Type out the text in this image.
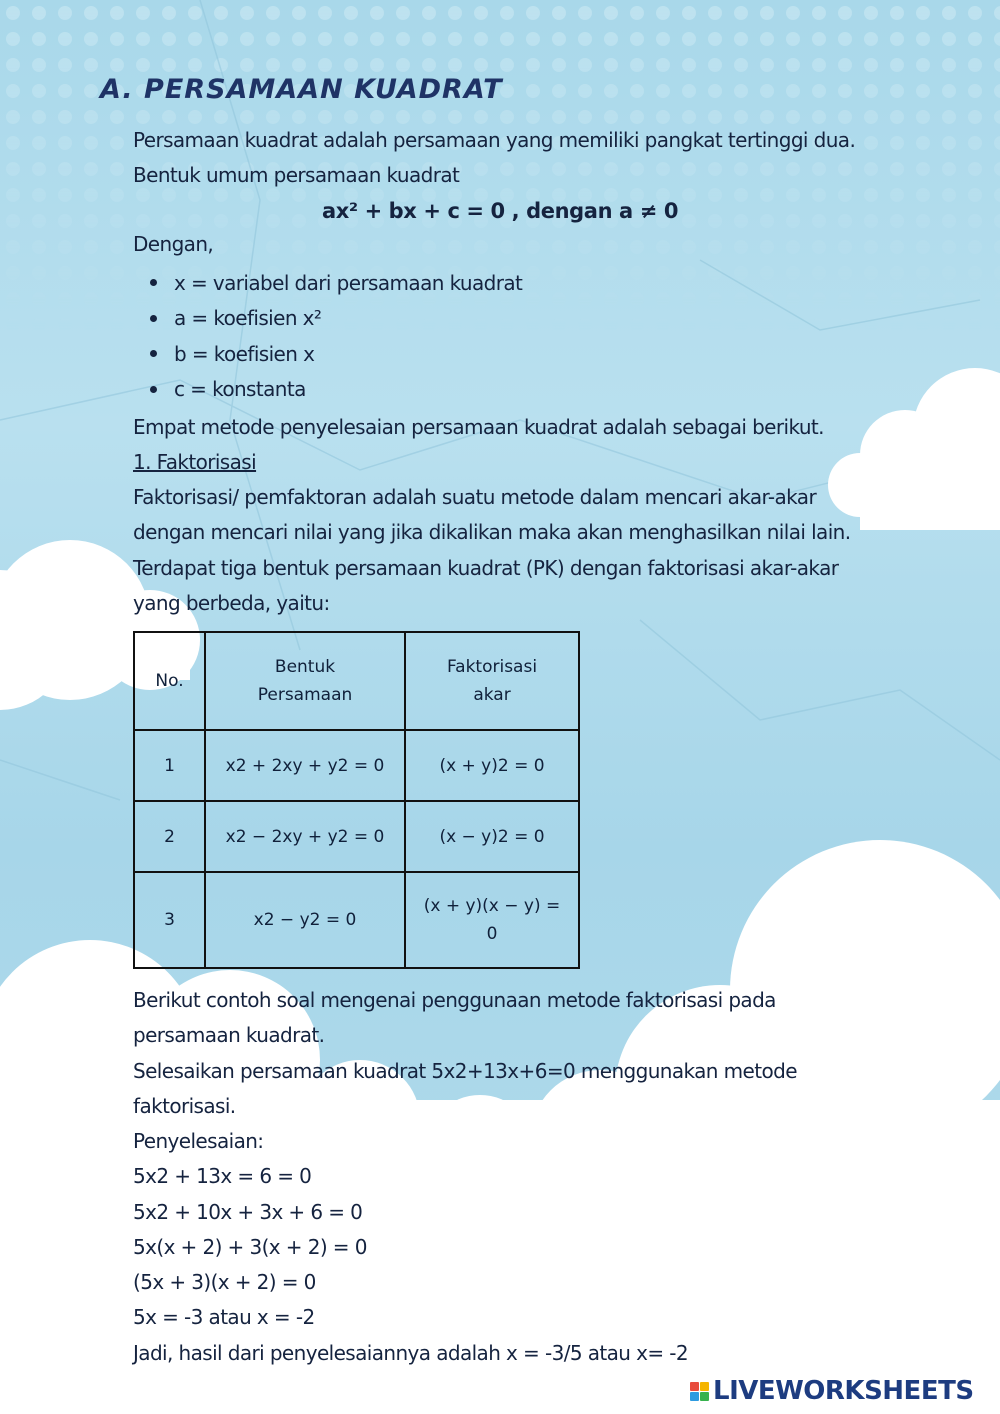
A. PERSAMAAN KUADRAT
Persamaan kuadrat adalah persamaan yang memiliki pangkat tertinggi dua.
Bentuk umum persamaan kuadrat
ax² + bx + c = 0 , dengan a ≠ 0
Dengan,
x = variabel dari persamaan kuadrat
a = koefisien x²
b = koefisien x
c = konstanta
Empat metode penyelesaian persamaan kuadrat adalah sebagai berikut.
1. Faktorisasi
Faktorisasi/ pemfaktoran adalah suatu metode dalam mencari akar-akar
dengan mencari nilai yang jika dikalikan maka akan menghasilkan nilai lain.
Terdapat tiga bentuk persamaan kuadrat (PK) dengan faktorisasi akar-akar
yang berbeda, yaitu:
No.	Bentuk Persamaan	Faktorisasi akar

1	x2 + 2xy + y2 = 0	(x + y)2 = 0
2	x2 − 2xy + y2 = 0	(x − y)2 = 0
3	x2 − y2 = 0	(x + y)(x − y) = 0
Berikut contoh soal mengenai penggunaan metode faktorisasi pada
persamaan kuadrat.
Selesaikan persamaan kuadrat 5x2+13x+6=0 menggunakan metode
faktorisasi.
Penyelesaian:
5x2 + 13x = 6 = 0
5x2 + 10x + 3x + 6 = 0
5x(x + 2) + 3(x + 2) = 0
(5x + 3)(x + 2) = 0
5x = -3 atau x = -2
Jadi, hasil dari penyelesaiannya adalah x = -3/5 atau x= -2
LIVEWORKSHEETS
